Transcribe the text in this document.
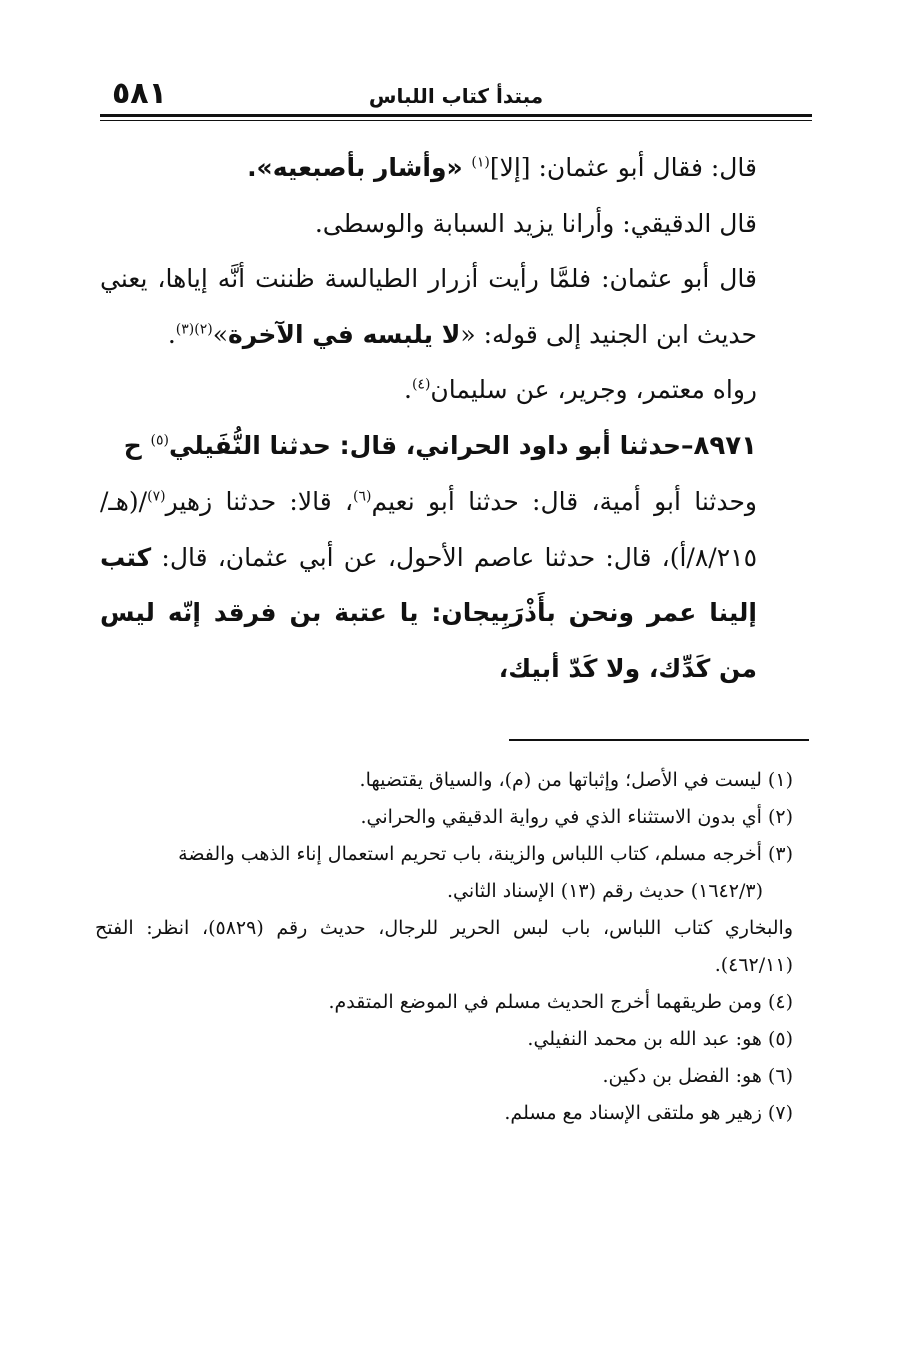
٥٨١	مبتدأ كتاب اللباس

قال: فقال أبو عثمان: [إلا]$^{(١)}$ «وأشار بأصبعيه».

قال الدقيقي: وأرانا يزيد السبابة والوسطى.

قال أبو عثمان: فلمَّا رأيت أزرار الطيالسة ظننت أنَّه إياها، يعني حديث ابن الجنيد إلى قوله: «لا يلبسه في الآخرة»$^{(٢)(٣)}$.

رواه معتمر، وجرير، عن سليمان$^{(٤)}$.

٨٩٧١–حدثنا أبو داود الحراني، قال: حدثنا النُّفَيلي$^{(٥)}$ ح

وحدثنا أبو أمية، قال: حدثنا أبو نعيم$^{(٦)}$، قالا: حدثنا زهير$^{(٧)}$/(هـ/٨/٢١٥/أ)، قال: حدثنا عاصم الأحول، عن أبي عثمان، قال: كتب إلينا عمر ونحن بأَذْرَبِيجان: يا عتبة بن فرقد إنّه ليس من كَدِّك، ولا كَدّ أبيك،

(١) ليست في الأصل؛ وإثباتها من (م)، والسياق يقتضيها.

(٢) أي بدون الاستثناء الذي في رواية الدقيقي والحراني.

(٣) أخرجه مسلم، كتاب اللباس والزينة، باب تحريم استعمال إناء الذهب والفضة

(١٦٤٢/٣) حديث رقم (١٣) الإسناد الثاني.

والبخاري كتاب اللباس، باب لبس الحرير للرجال، حديث رقم (٥٨٢٩)، انظر: الفتح (٤٦٢/١١).

(٤) ومن طريقهما أخرج الحديث مسلم في الموضع المتقدم.

(٥) هو: عبد الله بن محمد النفيلي.

(٦) هو: الفضل بن دكين.

(٧) زهير هو ملتقى الإسناد مع مسلم.
